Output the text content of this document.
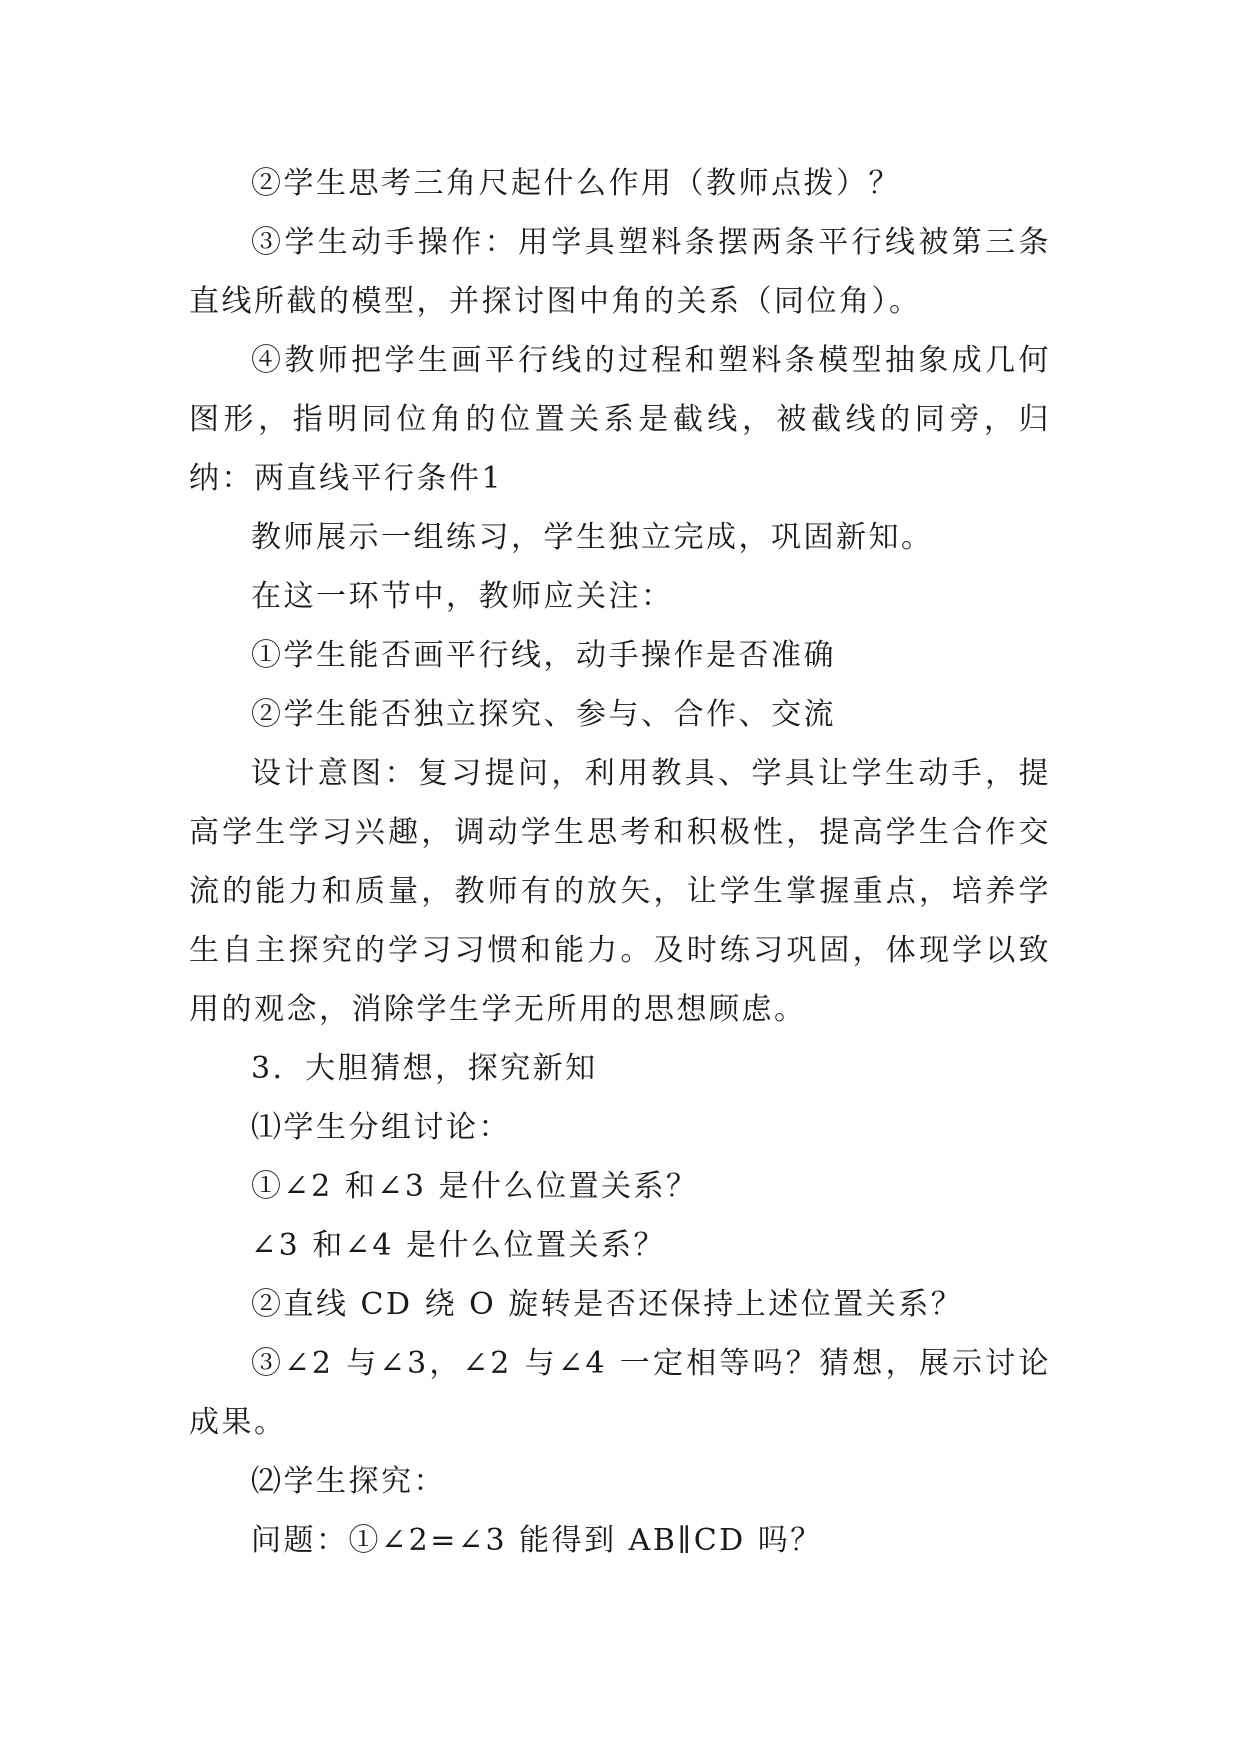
②学生思考三角尺起什么作用（教师点拨）？

③学生动手操作：用学具塑料条摆两条平行线被第三条直线所截的模型，并探讨图中角的关系（同位角）。

④教师把学生画平行线的过程和塑料条模型抽象成几何图形，指明同位角的位置关系是截线，被截线的同旁，归纳：两直线平行条件1

教师展示一组练习，学生独立完成，巩固新知。

在这一环节中，教师应关注：

①学生能否画平行线，动手操作是否准确

②学生能否独立探究、参与、合作、交流

设计意图：复习提问，利用教具、学具让学生动手，提高学生学习兴趣，调动学生思考和积极性，提高学生合作交流的能力和质量，教师有的放矢，让学生掌握重点，培养学生自主探究的学习习惯和能力。及时练习巩固，体现学以致用的观念，消除学生学无所用的思想顾虑。

3．大胆猜想，探究新知

⑴学生分组讨论：

①∠2 和∠3 是什么位置关系？

∠3 和∠4 是什么位置关系？

②直线 CD 绕 O 旋转是否还保持上述位置关系？

③∠2 与∠3，∠2 与∠4 一定相等吗？猜想，展示讨论成果。

⑵学生探究：

问题：①∠2=∠3 能得到 AB∥CD 吗？
